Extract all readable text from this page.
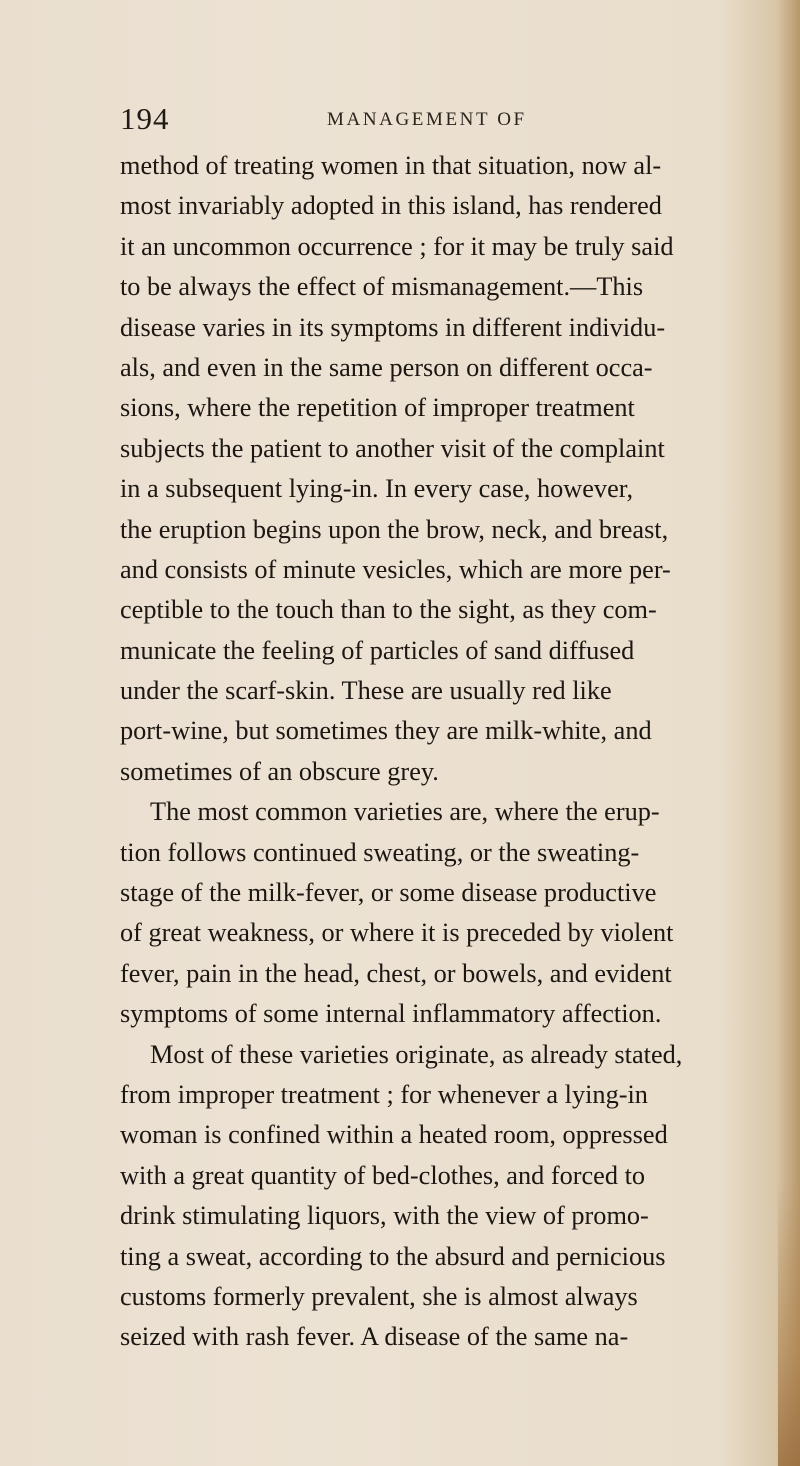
194	MANAGEMENT OF
method of treating women in that situation, now al-
most invariably adopted in this island, has rendered
it an uncommon occurrence ; for it may be truly said
to be always the effect of mismanagement.—This
disease varies in its symptoms in different individu-
als, and even in the same person on different occa-
sions, where the repetition of improper treatment
subjects the patient to another visit of the complaint
in a subsequent lying-in. In every case, however,
the eruption begins upon the brow, neck, and breast,
and consists of minute vesicles, which are more per-
ceptible to the touch than to the sight, as they com-
municate the feeling of particles of sand diffused
under the scarf-skin. These are usually red like
port-wine, but sometimes they are milk-white, and
sometimes of an obscure grey.
The most common varieties are, where the erup-
tion follows continued sweating, or the sweating-
stage of the milk-fever, or some disease productive
of great weakness, or where it is preceded by violent
fever, pain in the head, chest, or bowels, and evident
symptoms of some internal inflammatory affection.
Most of these varieties originate, as already stated,
from improper treatment ; for whenever a lying-in
woman is confined within a heated room, oppressed
with a great quantity of bed-clothes, and forced to
drink stimulating liquors, with the view of promo-
ting a sweat, according to the absurd and pernicious
customs formerly prevalent, she is almost always
seized with rash fever. A disease of the same na-
